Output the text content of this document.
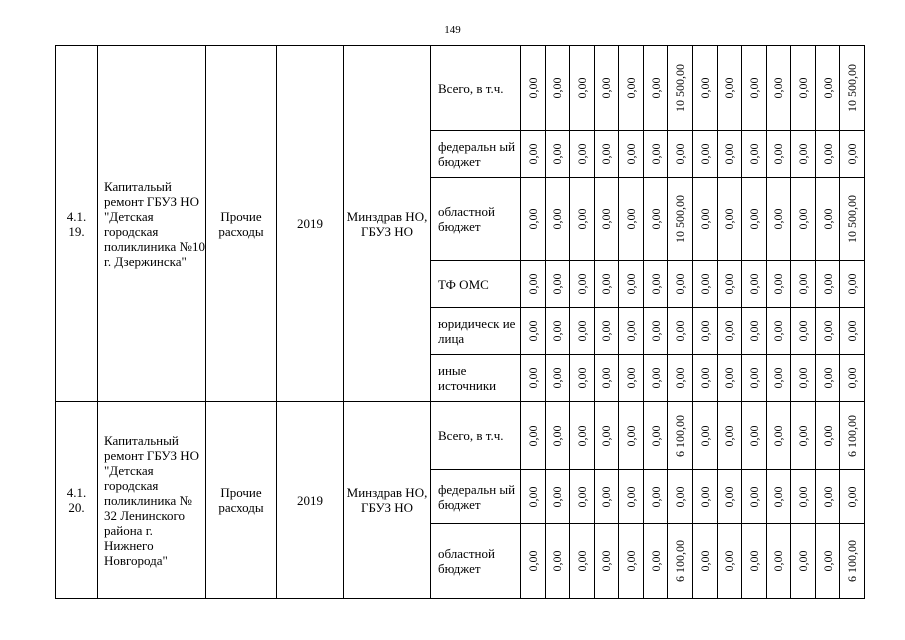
149
4.1.
19.	Капитальый ремонт ГБУЗ НО "Детская городская поликлиника №10 г. Дзержинска"	Прочие расходы	2019	Минздрав НО, ГБУЗ НО	Всего, в т.ч.	0,00	0,00	0,00	0,00	0,00	0,00	10 500,00	0,00	0,00	0,00	0,00	0,00	0,00	10 500,00

					федеральн ый бюджет	0,00	0,00	0,00	0,00	0,00	0,00	0,00	0,00	0,00	0,00	0,00	0,00	0,00	0,00

					областной бюджет	0,00	0,00	0,00	0,00	0,00	0,00	10 500,00	0,00	0,00	0,00	0,00	0,00	0,00	10 500,00

					ТФ ОМС	0,00	0,00	0,00	0,00	0,00	0,00	0,00	0,00	0,00	0,00	0,00	0,00	0,00	0,00

					юридическ ие лица	0,00	0,00	0,00	0,00	0,00	0,00	0,00	0,00	0,00	0,00	0,00	0,00	0,00	0,00

					иные источники	0,00	0,00	0,00	0,00	0,00	0,00	0,00	0,00	0,00	0,00	0,00	0,00	0,00	0,00

4.1.
20.	Капитальный ремонт ГБУЗ НО "Детская городская поликлиника № 32 Ленинского района г. Нижнего Новгорода"	Прочие расходы	2019	Минздрав НО, ГБУЗ НО	Всего, в т.ч.	0,00	0,00	0,00	0,00	0,00	0,00	6 100,00	0,00	0,00	0,00	0,00	0,00	0,00	6 100,00

					федеральн ый бюджет	0,00	0,00	0,00	0,00	0,00	0,00	0,00	0,00	0,00	0,00	0,00	0,00	0,00	0,00

					областной бюджет	0,00	0,00	0,00	0,00	0,00	0,00	6 100,00	0,00	0,00	0,00	0,00	0,00	0,00	6 100,00
